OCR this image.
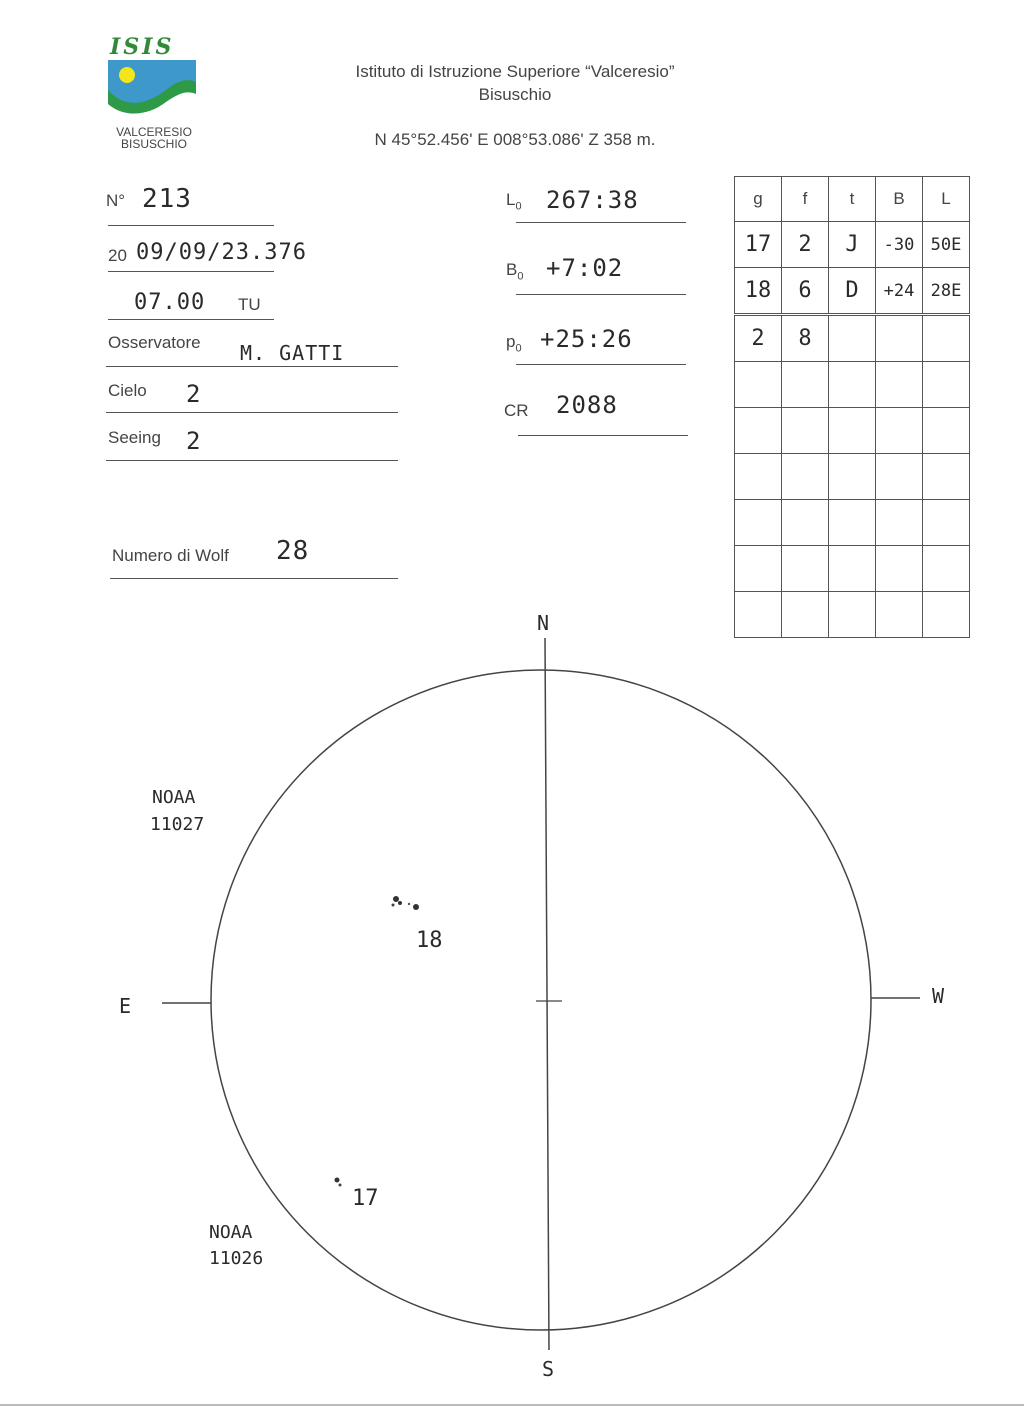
ISIS
VALCERESIO
BISUSCHIO
Istituto di Istruzione Superiore “Valceresio”
Bisuschio
N 45°52.456' E 008°53.086' Z 358 m.
N° 213
20 09/09/23.376
07.00 TU
Osservatore M. GATTI
Cielo 2
Seeing 2
Numero di Wolf 28
$L_0$ 267:38
$B_0$ +7:02
$p_0$ +25:26
CR 2088
g	f	t	B	L
17	2	J	-30	50E
18	6	D	+24	28E
2	8			

N
S
E	W
18
17
NOAA
11027
NOAA
11026
